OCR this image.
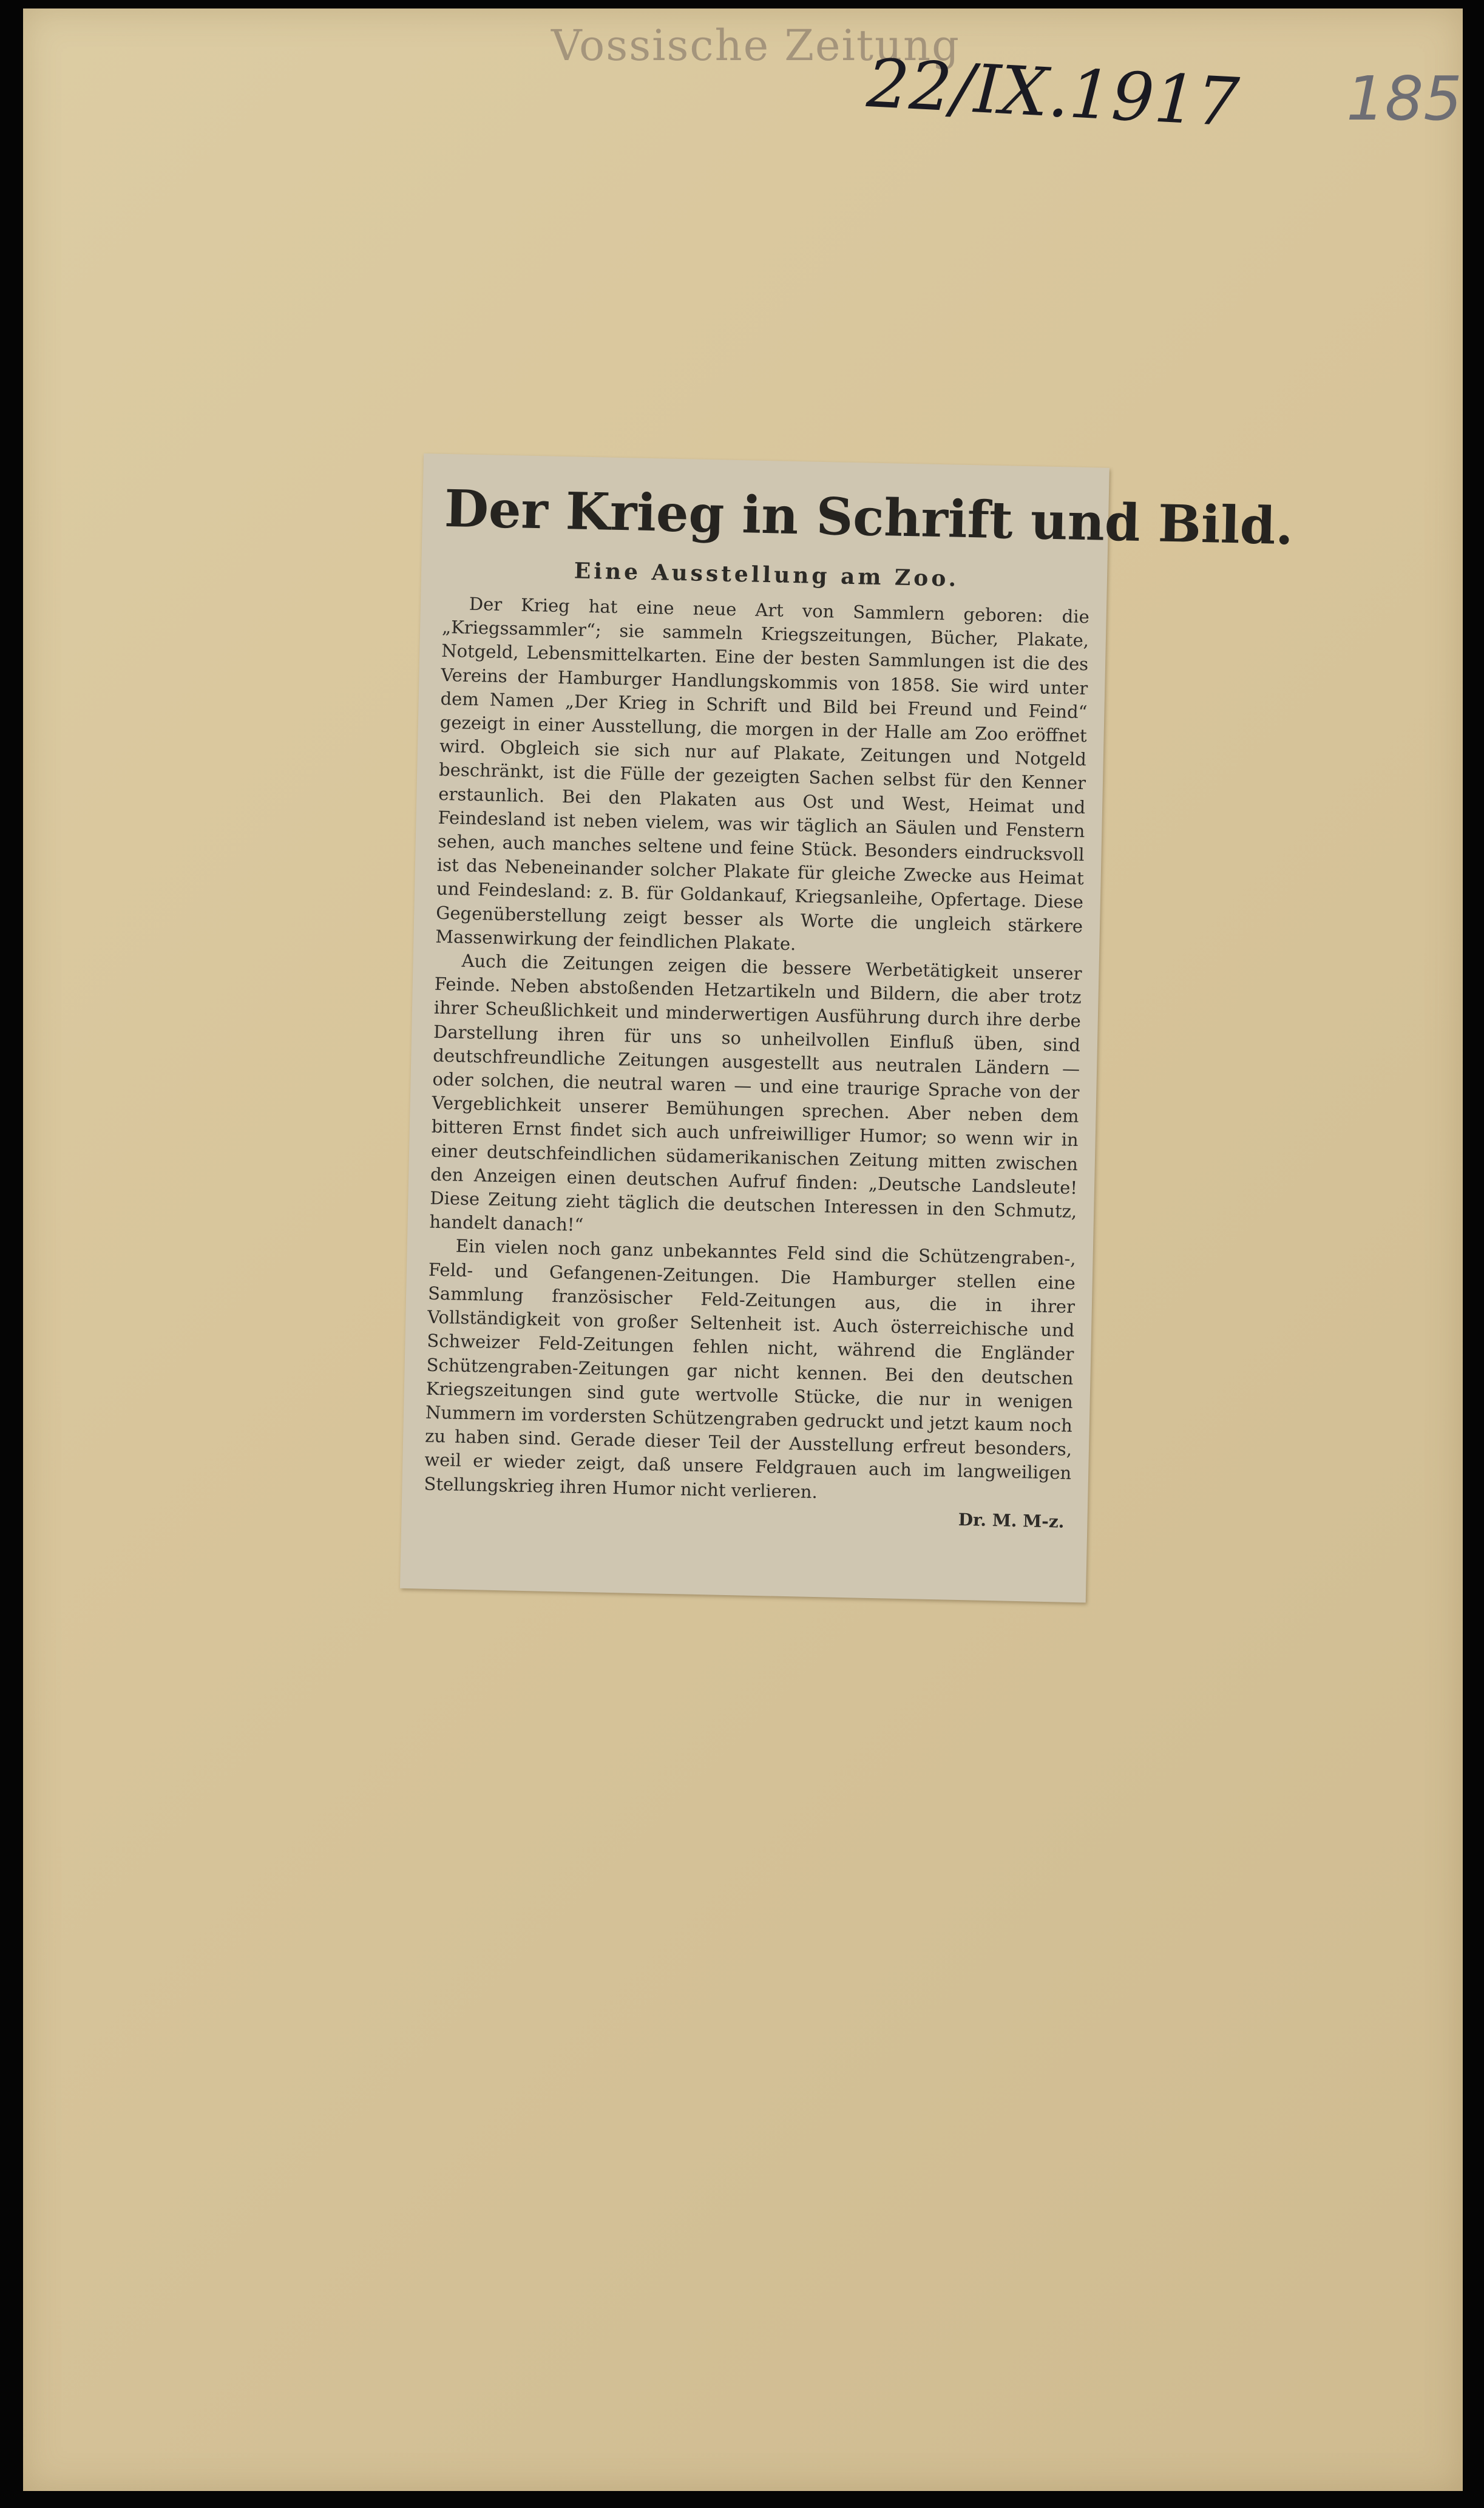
Vossische Zeitung
22/IX.1917 185
Der Krieg in Schrift und Bild.
Eine Ausstellung am Zoo.

Der Krieg hat eine neue Art von Sammlern geboren: die „Kriegssammler“; sie sammeln Kriegszeitungen, Bücher, Plakate, Notgeld, Lebensmittelkarten. Eine der besten Sammlungen ist die des Vereins der Hamburger Handlungskommis von 1858. Sie wird unter dem Namen „Der Krieg in Schrift und Bild bei Freund und Feind“ gezeigt in einer Ausstellung, die morgen in der Halle am Zoo eröffnet wird. Obgleich sie sich nur auf Plakate, Zeitungen und Notgeld beschränkt, ist die Fülle der gezeigten Sachen selbst für den Kenner erstaunlich. Bei den Plakaten aus Ost und West, Heimat und Feindesland ist neben vielem, was wir täglich an Säulen und Fenstern sehen, auch manches seltene und feine Stück. Besonders eindrucksvoll ist das Nebeneinander solcher Plakate für gleiche Zwecke aus Heimat und Feindesland: z. B. für Goldankauf, Kriegsanleihe, Opfertage. Diese Gegenüberstellung zeigt besser als Worte die ungleich stärkere Massenwirkung der feindlichen Plakate.

Auch die Zeitungen zeigen die bessere Werbetätigkeit unserer Feinde. Neben abstoßenden Hetzartikeln und Bildern, die aber trotz ihrer Scheußlichkeit und minderwertigen Ausführung durch ihre derbe Darstellung ihren für uns so unheilvollen Einfluß üben, sind deutschfreundliche Zeitungen ausgestellt aus neutralen Ländern — oder solchen, die neutral waren — und eine traurige Sprache von der Vergeblichkeit unserer Bemühungen sprechen. Aber neben dem bitteren Ernst findet sich auch unfreiwilliger Humor; so wenn wir in einer deutschfeindlichen südamerikanischen Zeitung mitten zwischen den Anzeigen einen deutschen Aufruf finden: „Deutsche Landsleute! Diese Zeitung zieht täglich die deutschen Interessen in den Schmutz, handelt danach!“

Ein vielen noch ganz unbekanntes Feld sind die Schützengraben-, Feld- und Gefangenen-Zeitungen. Die Hamburger stellen eine Sammlung französischer Feld-Zeitungen aus, die in ihrer Vollständigkeit von großer Seltenheit ist. Auch österreichische und Schweizer Feld-Zeitungen fehlen nicht, während die Engländer Schützengraben-Zeitungen gar nicht kennen. Bei den deutschen Kriegszeitungen sind gute wertvolle Stücke, die nur in wenigen Nummern im vordersten Schützengraben gedruckt und jetzt kaum noch zu haben sind. Gerade dieser Teil der Ausstellung erfreut besonders, weil er wieder zeigt, daß unsere Feldgrauen auch im langweiligen Stellungskrieg ihren Humor nicht verlieren.

Dr. M. M-z.
